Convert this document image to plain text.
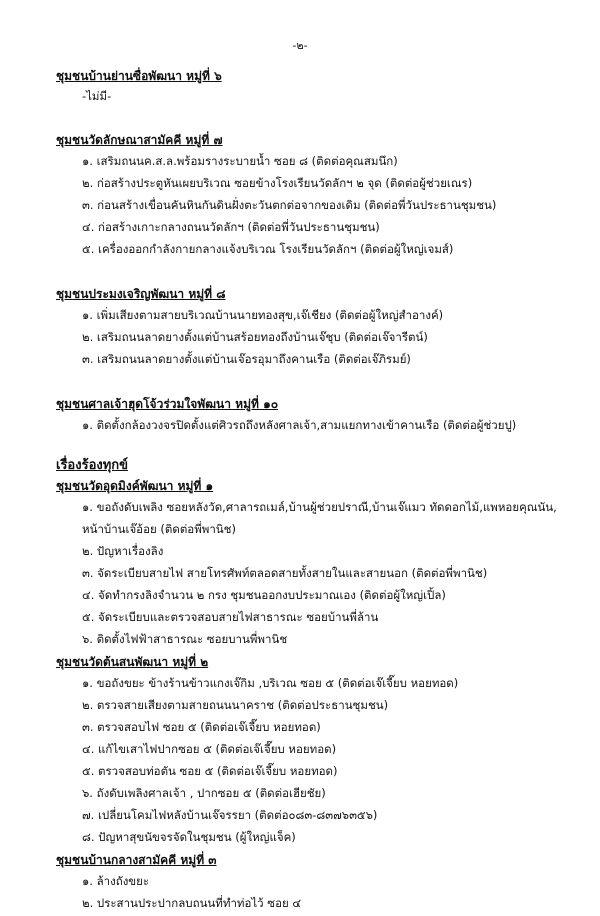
-๒-
ชุมชนบ้านย่านซื่อพัฒนา หมู่ที่ ๖
-ไม่มี-
ชุมชนวัดลักษณาสามัคคี หมู่ที่ ๗
๑. เสริมถนนค.ส.ล.พร้อมรางระบายน้ำ ซอย ๘ (ติดต่อคุณสมนึก)
๒. ก่อสร้างประตูหันเผยบริเวณ ซอยข้างโรงเรียนวัดลักฯ ๒ จุด (ติดต่อผู้ช่วยเณร)
๓. ก่อนสร้างเขื่อนคันหินกันดินฝั่งตะวันตกต่อจากของเดิม (ติดต่อพี่วันประธานชุมชน)
๔. ก่อสร้างเกาะกลางถนนวัดลักฯ (ติดต่อพี่วันประธานชุมชน)
๕. เครื่องออกกำลังกายกลางแจ้งบริเวณ โรงเรียนวัดลักฯ (ติดต่อผู้ใหญ่เจมส์)
ชุมชนประมงเจริญพัฒนา หมู่ที่ ๘
๑. เพิ่มเสียงตามสายบริเวณบ้านนายทองสุข,เจ๊เชียง (ติดต่อผู้ใหญ่สำอางค์)
๒. เสริมถนนลาดยางตั้งแต่บ้านสร้อยทองถึงบ้านเจ๊ชุบ (ติดต่อเจ๊จารีตน์)
๓. เสริมถนนลาดยางตั้งแต่บ้านเจ๊อรอุมาถึงคานเรือ (ติดต่อเจ๊ภิรมย์)
ชุมชนศาลเจ้าฮุดโจ้วร่วมใจพัฒนา หมู่ที่ ๑๐
๑. ติดตั้งกล้องวงจรปิดตั้งแต่ศิวรถถึงหลังศาลเจ้า,สามแยกทางเข้าคานเรือ (ติดต่อผู้ช่วยปู)
เรื่องร้องทุกข์
ชุมชนวัดอุดมิงค์พัฒนา หมู่ที่ ๑
๑. ขอถังดับเพลิง ซอยหลังวัด,ศาลารถเมล์,บ้านผู้ช่วยปราณี,บ้านเจ๊แมว ทัดดอกไม้,แพหอยคุณนัน, หน้าบ้านเจ๊อ้อย (ติดต่อพี่พานิช)
๒. ปัญหาเรื่องลิง
๓. จัดระเบียบสายไฟ สายโทรศัพท์ตลอดสายทั้งสายในและสายนอก (ติดต่อพี่พานิช)
๔. จัดทำกรงลิงจำนวน ๒ กรง ชุมชนออกงบประมาณเอง (ติดต่อผู้ใหญ่เปิ้ล)
๕. จัดระเบียบและตรวจสอบสายไฟสาธารณะ ซอยบ้านพี่ล้าน
๖. ติดตั้งไฟฟ้าสาธารณะ ซอยบานพี่พานิช
ชุมชนวัดต้นสนพัฒนา หมู่ที่ ๒
๑. ขอถังขยะ ข้างร้านข้าวแกงเจ๊กิม ,บริเวณ ซอย ๕ (ติดต่อเจ๊เจี๊ยบ หอยทอด)
๒. ตรวจสายเสียงตามสายถนนนาคราช (ติดต่อประธานชุมชน)
๓. ตรวจสอบไฟ ซอย ๕ (ติดต่อเจ๊เจี๊ยบ หอยทอด)
๔. แก้ไขเสาไฟปากซอย ๕ (ติดต่อเจ๊เจี๊ยบ หอยทอด)
๕. ตรวจสอบท่อตัน ซอย ๕ (ติดต่อเจ๊เจี๊ยบ หอยทอด)
๖. ถังดับเพลิงศาลเจ้า , ปากซอย ๕ (ติดต่อเฮียชัย)
๗. เปลี่ยนโคมไฟหลังบ้านเจ๊จรรยา (ติดต่อ๐๘๓-๘๓๗๖๓๕๖)
๘. ปัญหาสุขนัขจรจัดในชุมชน (ผู้ใหญ่แจ็ค)
ชุมชนบ้านกลางสามัคคี หมู่ที่ ๓
๑. ล้างถังขยะ
๒. ประสานประปากลบถนนที่ทำท่อไว้ ซอย ๔
